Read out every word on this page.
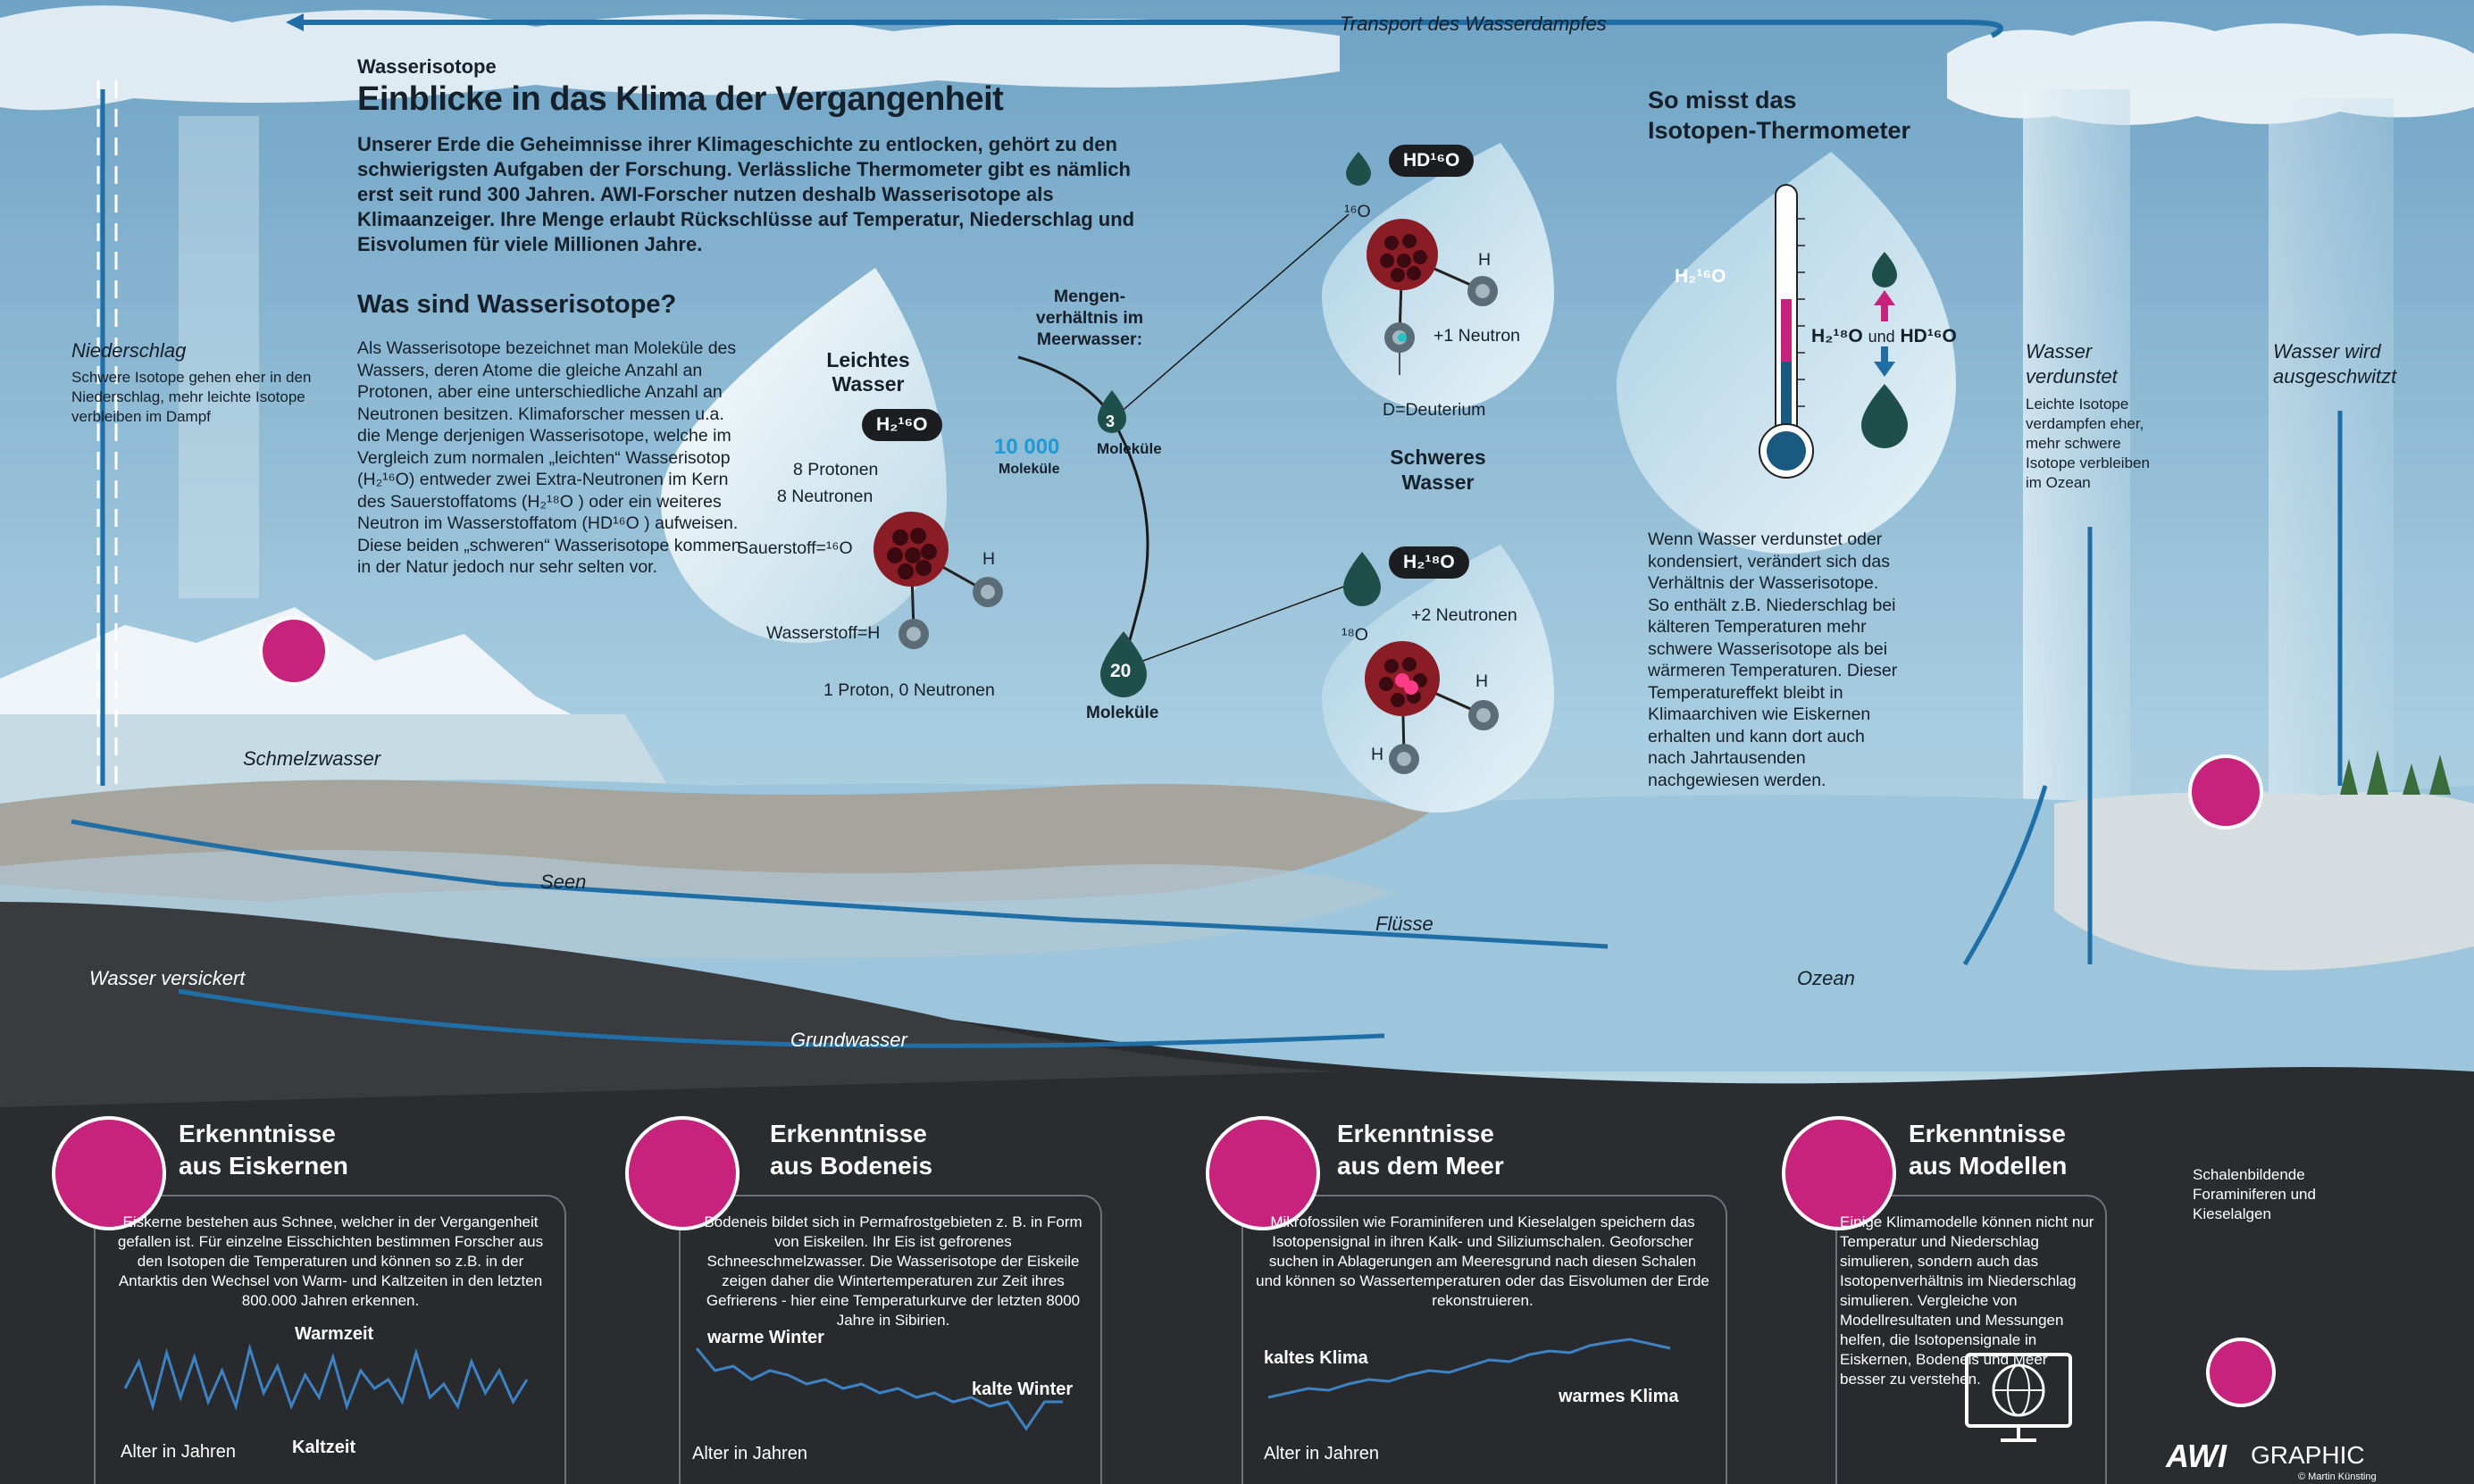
Wasserisotope
Einblicke in das Klima der Vergangenheit
Unserer Erde die Geheimnisse ihrer Klimageschichte zu entlocken, gehört zu den schwierigsten Aufgaben der Forschung. Verlässliche Thermometer gibt es nämlich erst seit rund 300 Jahren. AWI-Forscher nutzen deshalb Wasserisotope als Klimaanzeiger. Ihre Menge erlaubt Rückschlüsse auf Temperatur, Niederschlag und Eisvolumen für viele Millionen Jahre.
Was sind Wasserisotope?
Als Wasserisotope bezeichnet man Moleküle des Wassers, deren Atome die gleiche Anzahl an Protonen, aber eine unterschiedliche Anzahl an Neutronen besitzen. Klimaforscher messen u.a. die Menge derjenigen Wasserisotope, welche im Vergleich zum normalen „leichten“ Wasserisotop (H₂¹⁶O) entweder zwei Extra-Neutronen im Kern des Sauerstoffatoms (H₂¹⁸O ) oder ein weiteres Neutron im Wasserstoffatom (HD¹⁶O ) aufweisen. Diese beiden „schweren“ Wasserisotope kommen in der Natur jedoch nur sehr selten vor.
Leichtes
Wasser
H₂¹⁶O
8 Protonen
8 Neutronen
Sauerstoff=¹⁶O
Wasserstoff=H
H
1 Proton, 0 Neutronen
Mengen-
verhältnis im
Meerwasser:
10 000
Moleküle
3
Moleküle
20
Moleküle
HD¹⁶O
¹⁶O
H
+1 Neutron
D=Deuterium
Schweres
Wasser
H₂¹⁸O
+2 Neutronen
¹⁸O
H
H
So misst das
Isotopen-Thermometer
H₂¹⁶O
H₂¹⁸O und HD¹⁶O
Wenn Wasser verdunstet oder kondensiert, verändert sich das Verhältnis der Wasserisotope. So enthält z.B. Niederschlag bei kälteren Temperaturen mehr schwere Wasserisotope als bei wärmeren Temperaturen. Dieser Temperatureffekt bleibt in Klimaarchiven wie Eiskernen erhalten und kann dort auch nach Jahrtausenden nachgewiesen werden.
Transport des Wasserdampfes
Niederschlag
Schwere Isotope gehen eher in den Niederschlag, mehr leichte Isotope verbleiben im Dampf
Schmelzwasser
Seen
Flüsse
Ozean
Wasser versickert
Grundwasser
Wasser
verdunstet
Leichte Isotope verdampfen eher, mehr schwere Isotope verbleiben im Ozean
Wasser wird
ausgeschwitzt
Schalenbildende Foraminiferen und Kieselalgen
Erkenntnisse
aus Eiskernen
Eiskerne bestehen aus Schnee, welcher in der Vergangenheit gefallen ist. Für einzelne Eisschichten bestimmen Forscher aus den Isotopen die Temperaturen und können so z.B. in der Antarktis den Wechsel von Warm- und Kaltzeiten in den letzten 800.000 Jahren erkennen.
Warmzeit
Kaltzeit
Alter in Jahren
Erkenntnisse
aus Bodeneis
Bodeneis bildet sich in Permafrostgebieten z. B. in Form von Eiskeilen. Ihr Eis ist gefrorenes Schneeschmelzwasser. Die Wasserisotope der Eiskeile zeigen daher die Wintertemperaturen zur Zeit ihres Gefrierens - hier eine Temperaturkurve der letzten 8000 Jahre in Sibirien.
warme Winter
kalte Winter
Alter in Jahren
Erkenntnisse
aus dem Meer
Mikrofossilen wie Foraminiferen und Kieselalgen speichern das Isotopensignal in ihren Kalk- und Siliziumschalen. Geoforscher suchen in Ablagerungen am Meeresgrund nach diesen Schalen und können so Wassertemperaturen oder das Eisvolumen der Erde rekonstruieren.
kaltes Klima
warmes Klima
Alter in Jahren
Erkenntnisse
aus Modellen
Einige Klimamodelle können nicht nur Temperatur und Niederschlag simulieren, sondern auch das Isotopenverhältnis im Niederschlag simulieren. Vergleiche von Modellresultaten und Messungen helfen, die Isotopensignale in Eiskernen, Bodeneis und Meer besser zu verstehen.
AWI GRAPHIC
© Martin Künsting
